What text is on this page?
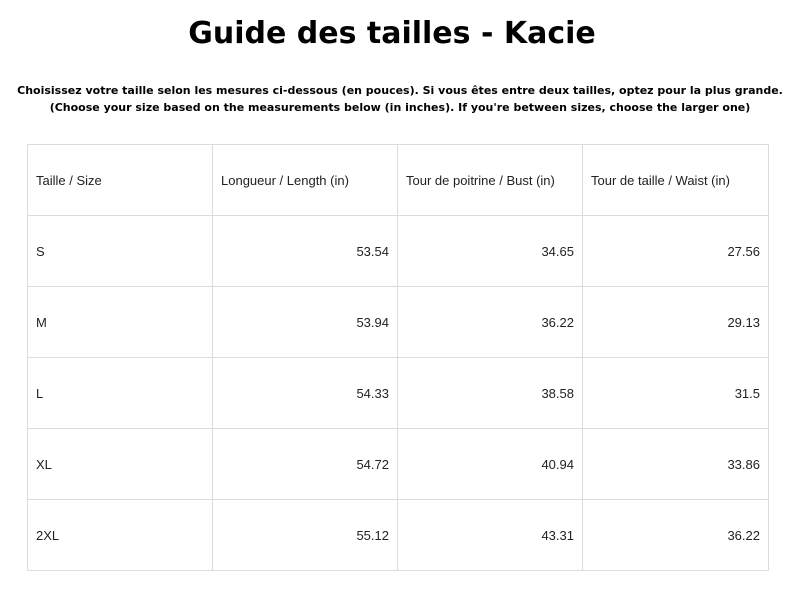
Guide des tailles - Kacie
Choisissez votre taille selon les mesures ci-dessous (en pouces). Si vous êtes entre deux tailles, optez pour la plus grande.
(Choose your size based on the measurements below (in inches). If you're between sizes, choose the larger one)
Taille / Size	Longueur / Length (in)	Tour de poitrine / Bust (in)	Tour de taille / Waist (in)
S	53.54	34.65	27.56
M	53.94	36.22	29.13
L	54.33	38.58	31.5
XL	54.72	40.94	33.86
2XL	55.12	43.31	36.22
